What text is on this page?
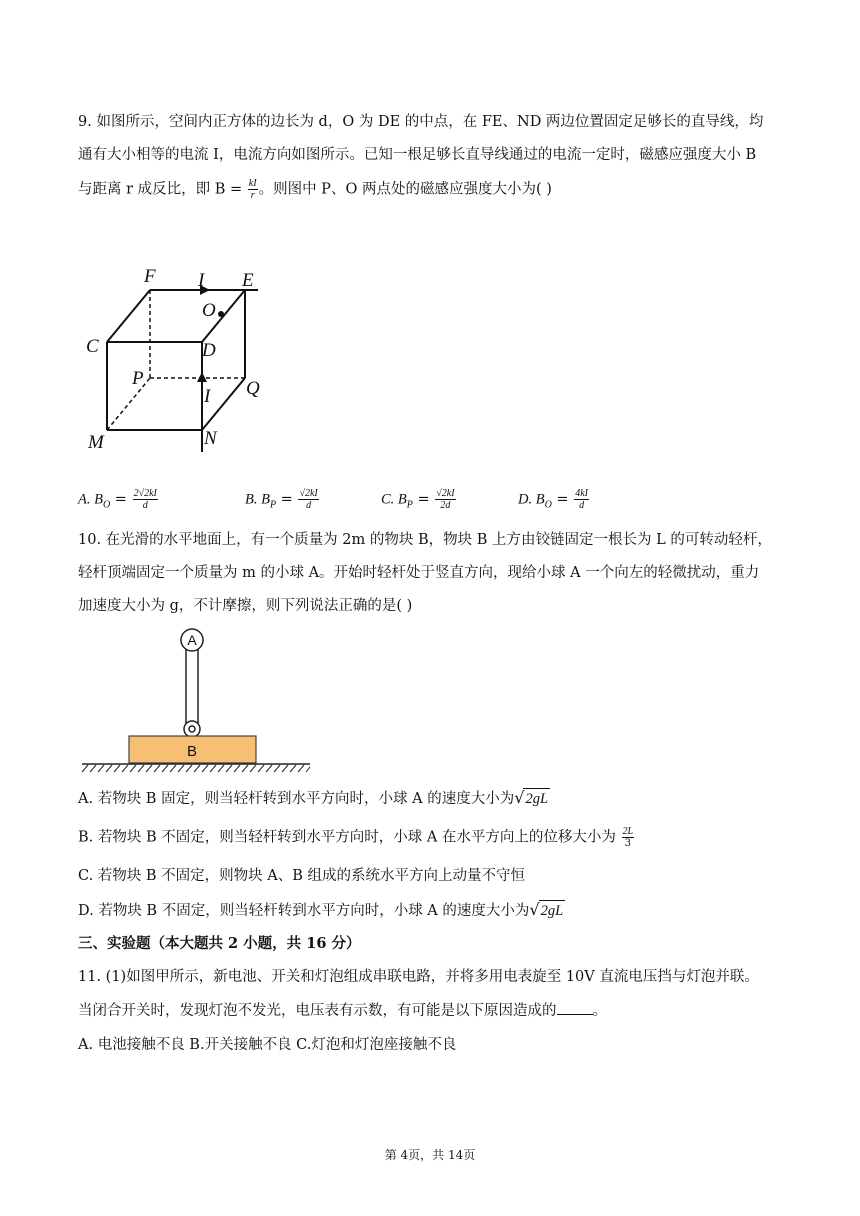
9. 如图所示，空间内正方体的边长为 d，O 为 DE 的中点，在 FE、ND 两边位置固定足够长的直导线，均
通有大小相等的电流 I，电流方向如图所示。已知一根足够长直导线通过的电流一定时，磁感应强度大小 B
与距离 r 成反比，即 $B = \frac{kI}{r}$ 。则图中 P、O 两点处的磁感应强度大小为( )
F I E
O
C	D
P
I Q
M	N
A. $B_O = \frac{2√2kI}{d}$	B. $B_P = \frac{√2kI}{d}$	C. $B_P = \frac{√2kI}{2d}$	D. $B_O = \frac{4kI}{d}$
10. 在光滑的水平地面上，有一个质量为 2m 的物块 B，物块 B 上方由铰链固定一根长为 L 的可转动轻杆，
轻杆顶端固定一个质量为 m 的小球 A。开始时轻杆处于竖直方向，现给小球 A 一个向左的轻微扰动，重力
加速度大小为 g，不计摩擦，则下列说法正确的是( )
A
B
A. 若物块 B 固定，则当轻杆转到水平方向时，小球 A 的速度大小为√2gL
B. 若物块 B 不固定，则当轻杆转到水平方向时，小球 A 在水平方向上的位移大小为 $\frac{2L}{3}$
C. 若物块 B 不固定，则物块 A、B 组成的系统水平方向上动量不守恒
D. 若物块 B 不固定，则当轻杆转到水平方向时，小球 A 的速度大小为√2gL
三、实验题（本大题共 2 小题，共 16 分）
11. (1)如图甲所示，新电池、开关和灯泡组成串联电路，并将多用电表旋至 10V 直流电压挡与灯泡并联。
当闭合开关时，发现灯泡不发光，电压表有示数，有可能是以下原因造成的 。
A. 电池接触不良 B.开关接触不良 C.灯泡和灯泡座接触不良
第 4页，共 14页
